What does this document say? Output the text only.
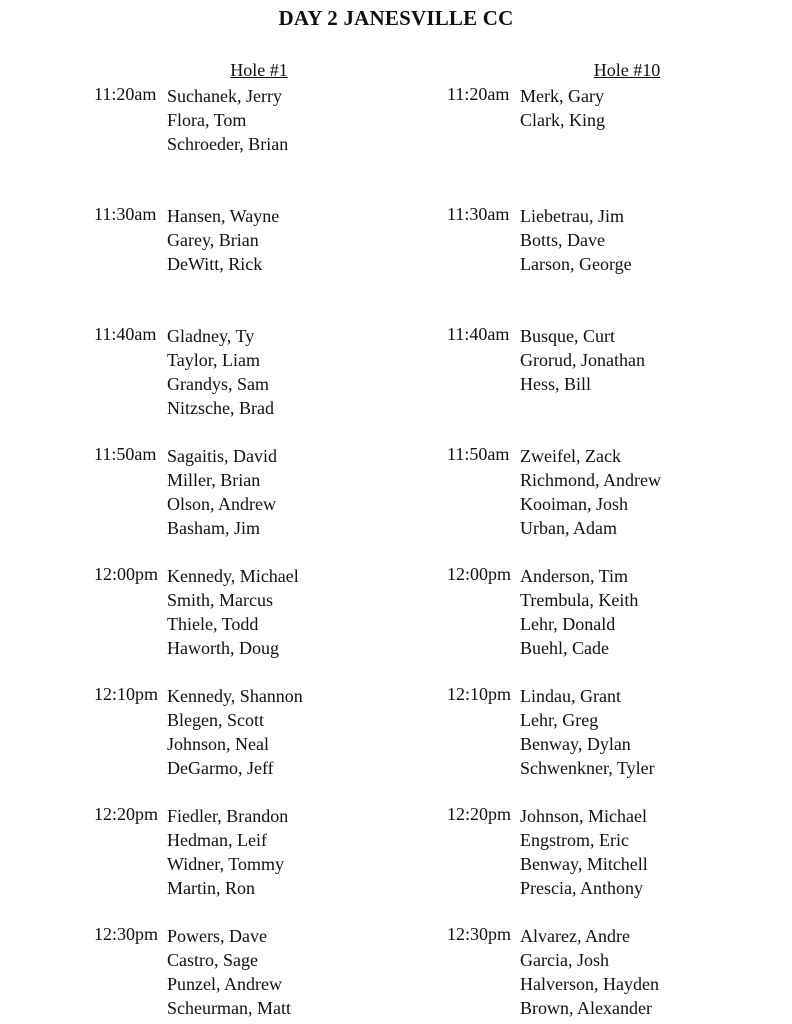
DAY 2 JANESVILLE CC
Hole #1
11:20am Suchanek, Jerry
Flora, Tom
Schroeder, Brian
11:30am Hansen, Wayne
Garey, Brian
DeWitt, Rick
11:40am Gladney, Ty
Taylor, Liam
Grandys, Sam
Nitzsche, Brad
11:50am Sagaitis, David
Miller, Brian
Olson, Andrew
Basham, Jim
12:00pm Kennedy, Michael
Smith, Marcus
Thiele, Todd
Haworth, Doug
12:10pm Kennedy, Shannon
Blegen, Scott
Johnson, Neal
DeGarmo, Jeff
12:20pm Fiedler, Brandon
Hedman, Leif
Widner, Tommy
Martin, Ron
12:30pm Powers, Dave
Castro, Sage
Punzel, Andrew
Scheurman, Matt
Hole #10
11:20am Merk, Gary
Clark, King
11:30am Liebetrau, Jim
Botts, Dave
Larson, George
11:40am Busque, Curt
Grorud, Jonathan
Hess, Bill
11:50am Zweifel, Zack
Richmond, Andrew
Kooiman, Josh
Urban, Adam
12:00pm Anderson, Tim
Trembula, Keith
Lehr, Donald
Buehl, Cade
12:10pm Lindau, Grant
Lehr, Greg
Benway, Dylan
Schwenkner, Tyler
12:20pm Johnson, Michael
Engstrom, Eric
Benway, Mitchell
Prescia, Anthony
12:30pm Alvarez, Andre
Garcia, Josh
Halverson, Hayden
Brown, Alexander
